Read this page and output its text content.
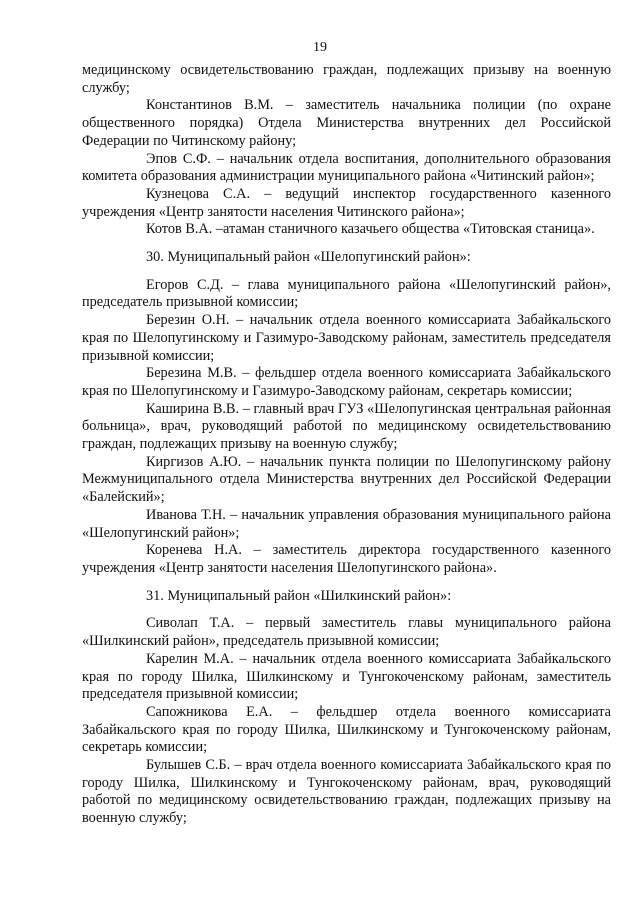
19

медицинскому освидетельствованию граждан, подлежащих призыву на военную службу;

Константинов В.М. – заместитель начальника полиции (по охране общественного порядка) Отдела Министерства внутренних дел Российской Федерации по Читинскому району;

Эпов С.Ф. – начальник отдела воспитания, дополнительного образования комитета образования администрации муниципального района «Читинский район»;

Кузнецова С.А. – ведущий инспектор государственного казенного учреждения «Центр занятости населения Читинского района»;

Котов В.А. –атаман станичного казачьего общества «Титовская станица».

30. Муниципальный район «Шелопугинский район»:

Егоров С.Д. – глава муниципального района «Шелопугинский район», председатель призывной комиссии;

Березин О.Н. – начальник отдела военного комиссариата Забайкальского края по Шелопугинскому и Газимуро-Заводскому районам, заместитель председателя призывной комиссии;

Березина М.В. – фельдшер отдела военного комиссариата Забайкальского края по Шелопугинскому и Газимуро-Заводскому районам, секретарь комиссии;

Каширина В.В. – главный врач ГУЗ «Шелопугинская центральная районная больница», врач, руководящий работой по медицинскому освидетельствованию граждан, подлежащих призыву на военную службу;

Киргизов А.Ю. – начальник пункта полиции по Шелопугинскому району Межмуниципального отдела Министерства внутренних дел Российской Федерации «Балейский»;

Иванова Т.Н. – начальник управления образования муниципального района «Шелопугинский район»;

Коренева Н.А. – заместитель директора государственного казенного учреждения «Центр занятости населения Шелопугинского района».

31. Муниципальный район «Шилкинский район»:

Сиволап Т.А. – первый заместитель главы муниципального района «Шилкинский район», председатель призывной комиссии;

Карелин М.А. – начальник отдела военного комиссариата Забайкальского края по городу Шилка, Шилкинскому и Тунгокоченскому районам, заместитель председателя призывной комиссии;

Сапожникова Е.А. – фельдшер отдела военного комиссариата Забайкальского края по городу Шилка, Шилкинскому и Тунгокоченскому районам, секретарь комиссии;

Булышев С.Б. – врач отдела военного комиссариата Забайкальского края по городу Шилка, Шилкинскому и Тунгокоченскому районам, врач, руководящий работой по медицинскому освидетельствованию граждан, подлежащих призыву на военную службу;
